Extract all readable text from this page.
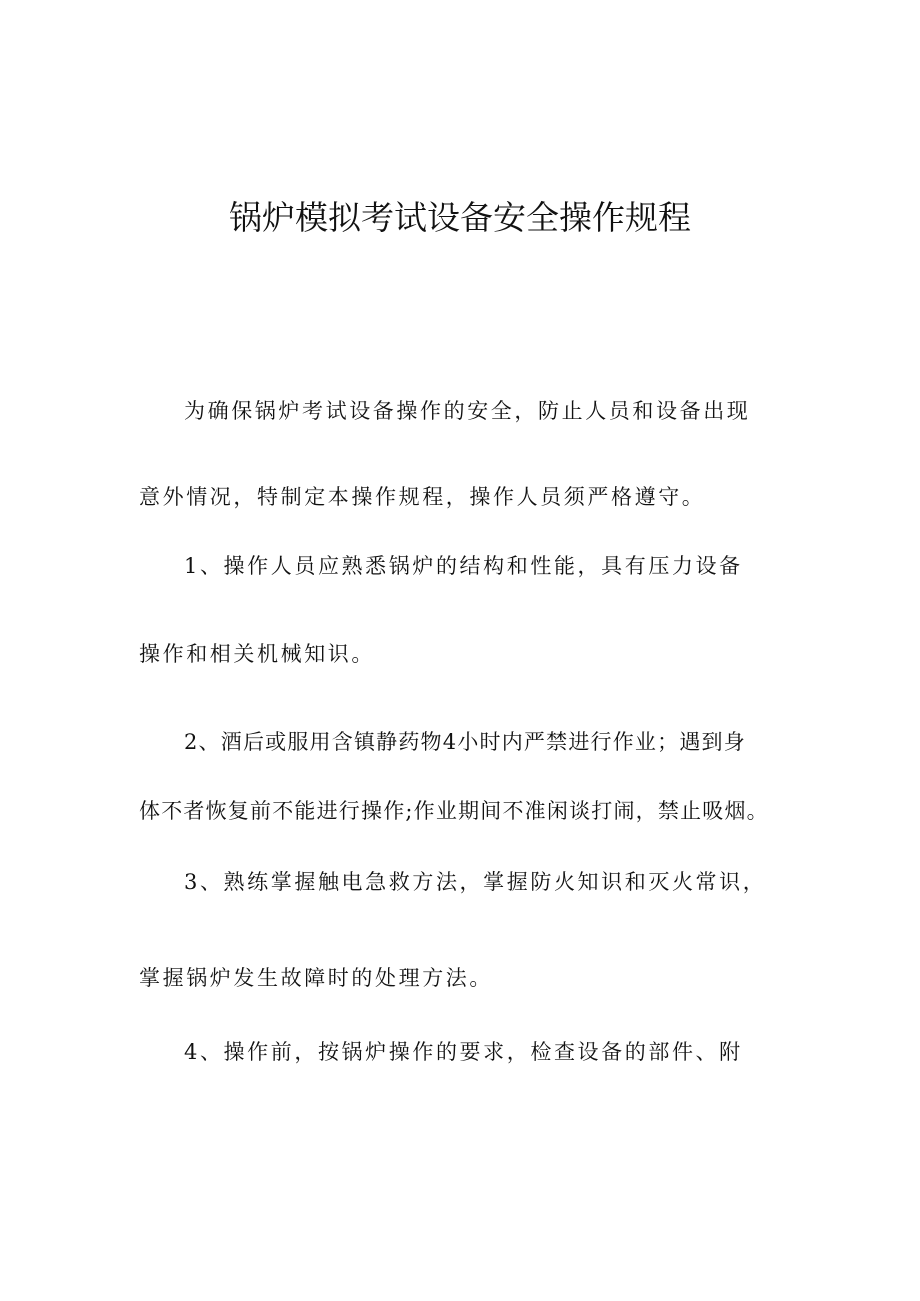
锅炉模拟考试设备安全操作规程
为确保锅炉考试设备操作的安全，防止人员和设备出现
意外情况，特制定本操作规程，操作人员须严格遵守。
1、操作人员应熟悉锅炉的结构和性能，具有压力设备
操作和相关机械知识。
2、酒后或服用含镇静药物4小时内严禁进行作业；遇到身
体不者恢复前不能进行操作;作业期间不准闲谈打闹，禁止吸烟。
3、熟练掌握触电急救方法，掌握防火知识和灭火常识，
掌握锅炉发生故障时的处理方法。
4、操作前，按锅炉操作的要求，检查设备的部件、附
